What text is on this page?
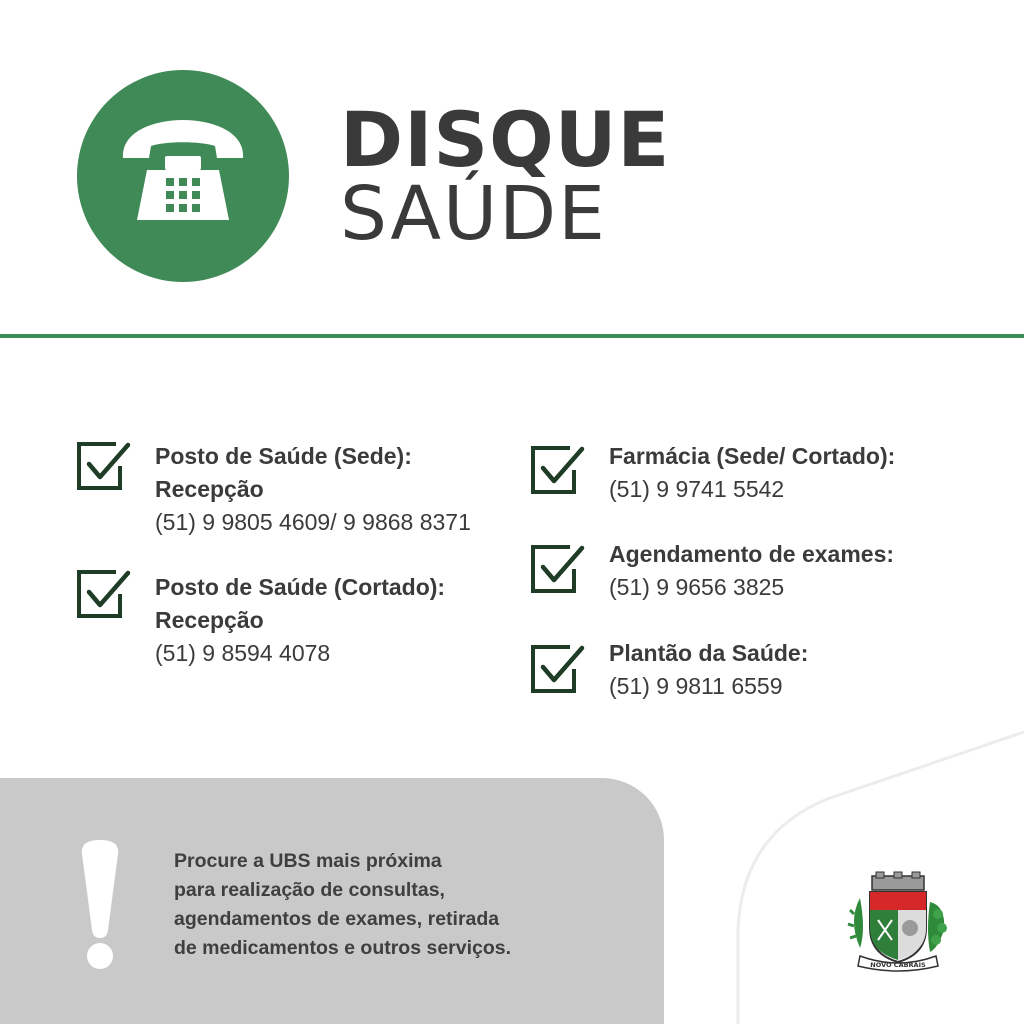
DISQUE
SAÚDE
Posto de Saúde (Sede):
Recepção
(51) 9 9805 4609/ 9 9868 8371
Posto de Saúde (Cortado):
Recepção
(51) 9 8594 4078
Farmácia (Sede/ Cortado):
(51) 9 9741 5542
Agendamento de exames:
(51) 9 9656 3825
Plantão da Saúde:
(51) 9 9811 6559
Procure a UBS mais próxima
para realização de consultas,
agendamentos de exames, retirada
de medicamentos e outros serviços.
NOVO CABRAIS
